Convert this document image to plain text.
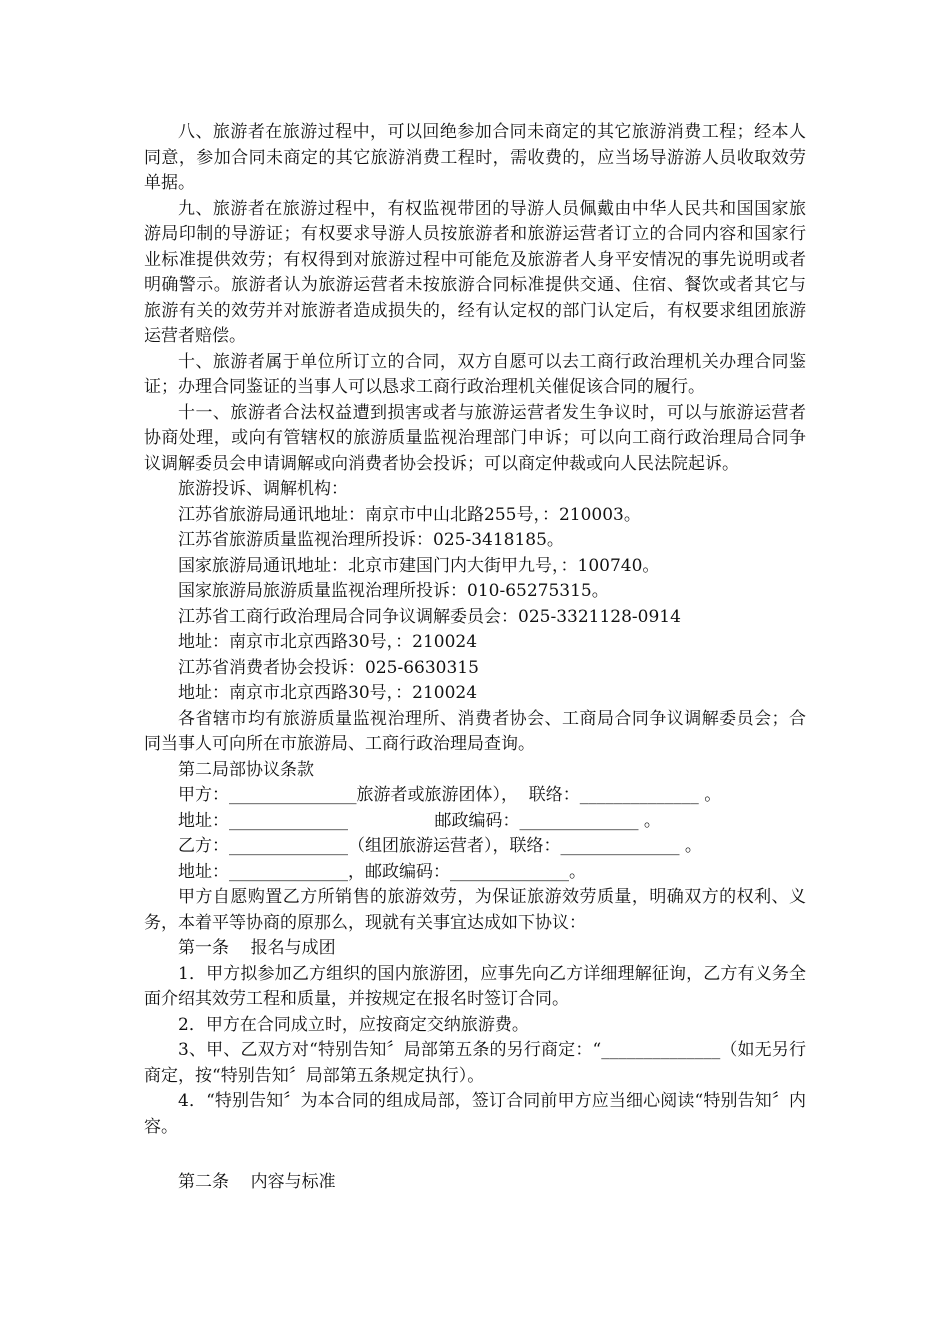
八、旅游者在旅游过程中，可以回绝参加合同未商定的其它旅游消费工程；经本人同意，参加合同未商定的其它旅游消费工程时，需收费的，应当场导游游人员收取效劳单据。

九、旅游者在旅游过程中，有权监视带团的导游人员佩戴由中华人民共和国国家旅游局印制的导游证；有权要求导游人员按旅游者和旅游运营者订立的合同内容和国家行业标准提供效劳；有权得到对旅游过程中可能危及旅游者人身平安情况的事先说明或者明确警示。旅游者认为旅游运营者未按旅游合同标准提供交通、住宿、餐饮或者其它与旅游有关的效劳并对旅游者造成损失的，经有认定权的部门认定后，有权要求组团旅游运营者赔偿。

十、旅游者属于单位所订立的合同，双方自愿可以去工商行政治理机关办理合同鉴证；办理合同鉴证的当事人可以恳求工商行政治理机关催促该合同的履行。

十一、旅游者合法权益遭到损害或者与旅游运营者发生争议时，可以与旅游运营者协商处理，或向有管辖权的旅游质量监视治理部门申诉；可以向工商行政治理局合同争议调解委员会申请调解或向消费者协会投诉；可以商定仲裁或向人民法院起诉。

旅游投诉、调解机构：

江苏省旅游局通讯地址：南京市中山北路255号，：210003。

江苏省旅游质量监视治理所投诉：025-3418185。

国家旅游局通讯地址：北京市建国门内大街甲九号，：100740。

国家旅游局旅游质量监视治理所投诉：010-65275315。

江苏省工商行政治理局合同争议调解委员会：025-3321128-0914

地址：南京市北京西路30号，：210024

江苏省消费者协会投诉：025-6630315

地址：南京市北京西路30号，：210024

各省辖市均有旅游质量监视治理所、消费者协会、工商局合同争议调解委员会；合同当事人可向所在市旅游局、工商行政治理局查询。

第二局部协议条款

甲方：_______________旅游者或旅游团体），  联络：______________ 。

地址：______________                邮政编码：______________ 。

乙方：______________（组团旅游运营者），联络：______________ 。

地址：______________，邮政编码：______________。

甲方自愿购置乙方所销售的旅游效劳，为保证旅游效劳质量，明确双方的权利、义务，本着平等协商的原那么，现就有关事宜达成如下协议：

第一条    报名与成团

1．甲方拟参加乙方组织的国内旅游团，应事先向乙方详细理解征询，乙方有义务全面介绍其效劳工程和质量，并按规定在报名时签订合同。

2．甲方在合同成立时，应按商定交纳旅游费。

3、甲、乙双方对“特别告知〞局部第五条的另行商定：“______________（如无另行商定，按“特别告知〞局部第五条规定执行）。

4．“特别告知〞为本合同的组成局部，签订合同前甲方应当细心阅读“特别告知〞内容。

第二条    内容与标准
